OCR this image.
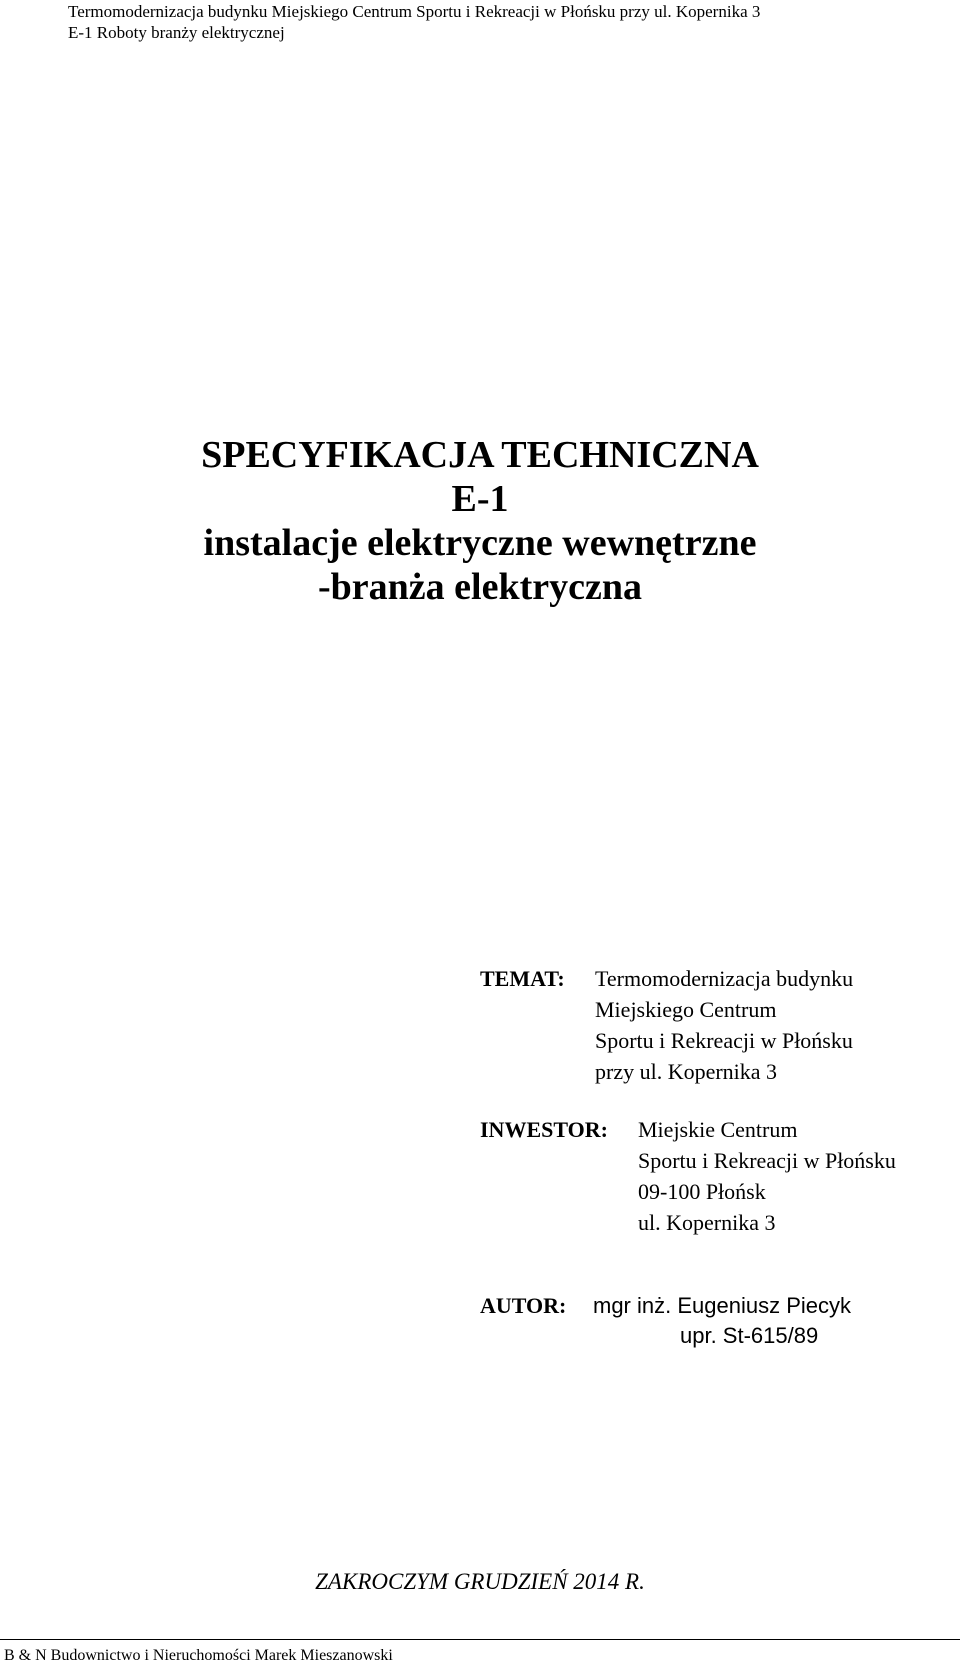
Termomodernizacja budynku Miejskiego Centrum Sportu i Rekreacji w Płońsku przy ul. Kopernika 3
E-1 Roboty branży elektrycznej
SPECYFIKACJA TECHNICZNA
E-1
instalacje elektryczne wewnętrzne
-branża elektryczna
TEMAT: Termomodernizacja budynku
Miejskiego Centrum
Sportu i Rekreacji w Płońsku
przy ul. Kopernika 3
INWESTOR: Miejskie Centrum
Sportu i Rekreacji w Płońsku
09-100 Płońsk
ul. Kopernika 3
AUTOR: mgr inż. Eugeniusz Piecyk
upr. St-615/89
ZAKROCZYM GRUDZIEŃ 2014 R.
B & N Budownictwo i Nieruchomości Marek Mieszanowski
